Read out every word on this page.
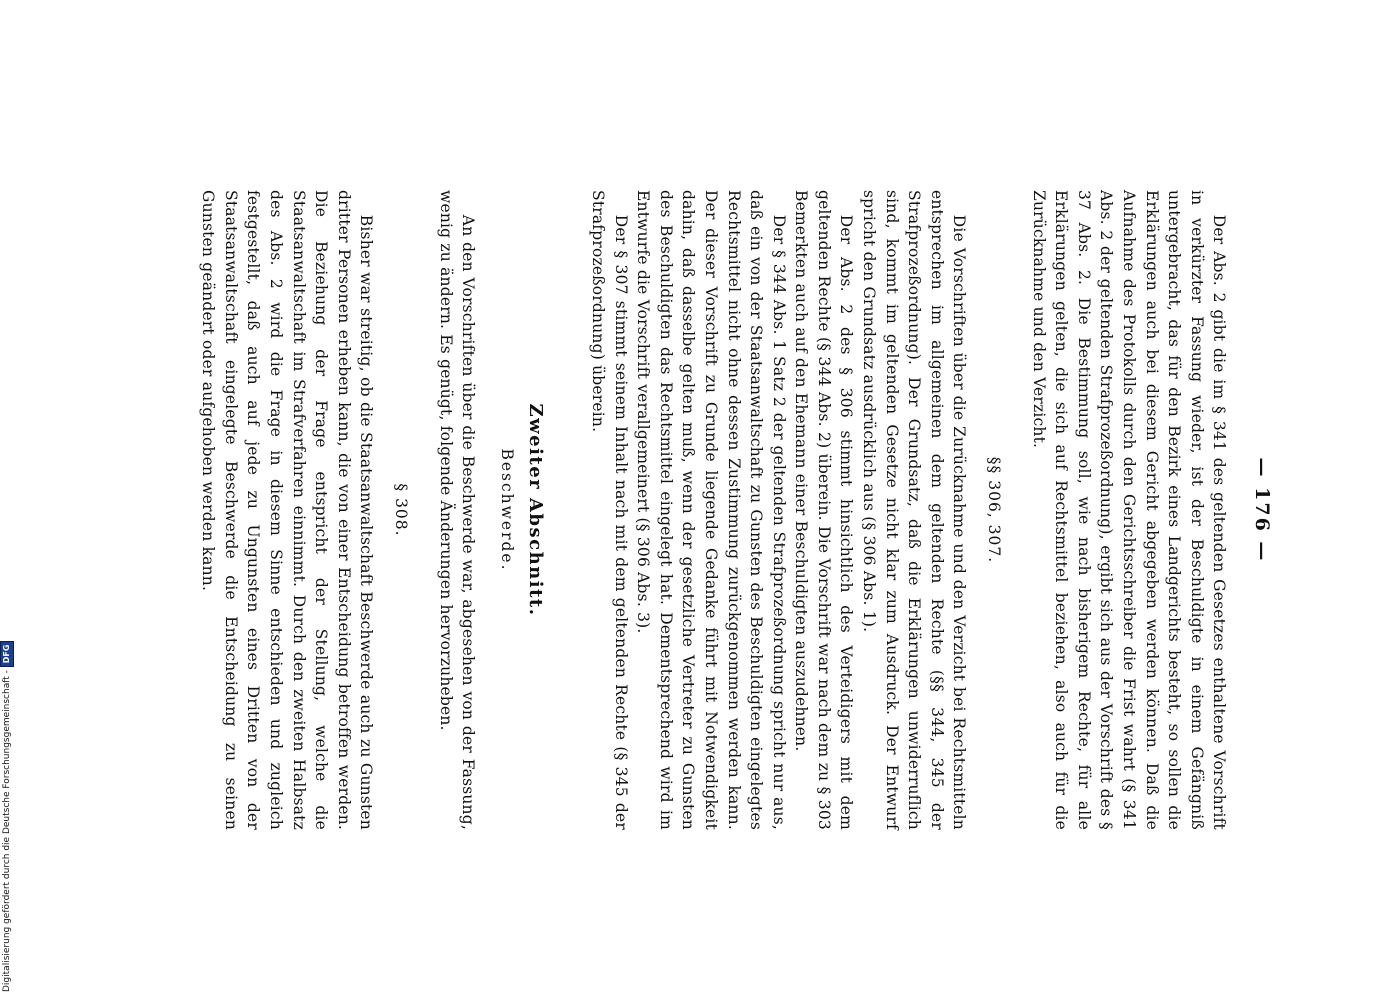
— 176 —

Der Abs. 2 gibt die im § 341 des geltenden Gesetzes enthaltene Vorschrift in verkürzter Fassung wieder, ist der Beschuldigte in einem Gefängniß untergebracht, das für den Bezirk eines Landgerichts besteht, so sollen die Erklärungen auch bei diesem Gericht abgegeben werden können. Daß die Aufnahme des Protokolls durch den Gerichtsschreiber die Frist wahrt (§ 341 Abs. 2 der geltenden Strafprozeßordnung), ergibt sich aus der Vorschrift des § 37 Abs. 2. Die Bestimmung soll, wie nach bisherigem Rechte, für alle Erklärungen gelten, die sich auf Rechtsmittel beziehen, also auch für die Zurücknahme und den Verzicht.

§§ 306, 307.

Die Vorschriften über die Zurücknahme und den Verzicht bei Rechtsmitteln entsprechen im allgemeinen dem geltenden Rechte (§§ 344, 345 der Strafprozeßordnung). Der Grundsatz, daß die Erklärungen unwiderruflich sind, kommt im geltenden Gesetze nicht klar zum Ausdruck. Der Entwurf spricht den Grundsatz ausdrücklich aus (§ 306 Abs. 1).

Der Abs. 2 des § 306 stimmt hinsichtlich des Verteidigers mit dem geltenden Rechte (§ 344 Abs. 2) überein. Die Vorschrift war nach dem zu § 303 Bemerkten auch auf den Ehemann einer Beschuldigten auszudehnen.

Der § 344 Abs. 1 Satz 2 der geltenden Strafprozeßordnung spricht nur aus, daß ein von der Staatsanwaltschaft zu Gunsten des Beschuldigten eingelegtes Rechtsmittel nicht ohne dessen Zustimmung zurückgenommen werden kann. Der dieser Vorschrift zu Grunde liegende Gedanke führt mit Notwendigkeit dahin, daß dasselbe gelten muß, wenn der gesetzliche Vertreter zu Gunsten des Beschuldigten das Rechtsmittel eingelegt hat. Dementsprechend wird im Entwurfe die Vorschrift verallgemeinert (§ 306 Abs. 3).

Der § 307 stimmt seinem Inhalt nach mit dem geltenden Rechte (§ 345 der Strafprozeßordnung) überein.

Zweiter Abschnitt.
Beschwerde.

An den Vorschriften über die Beschwerde war, abgesehen von der Fassung, wenig zu ändern. Es genügt, folgende Änderungen hervorzuheben.

§ 308.

Bisher war streitig, ob die Staatsanwaltschaft Beschwerde auch zu Gunsten dritter Personen erheben kann, die von einer Entscheidung betroffen werden. Die Beziehung der Frage entspricht der Stellung, welche die Staatsanwaltschaft im Strafverfahren einnimmt. Durch den zweiten Halbsatz des Abs. 2 wird die Frage in diesem Sinne entschieden und zugleich festgestellt, daß auch auf jede zu Ungunsten eines Dritten von der Staatsanwaltschaft eingelegte Beschwerde die Entscheidung zu seinen Gunsten geändert oder aufgehoben werden kann.

Digitalisierung gefördert durch die Deutsche Forschungsgemeinschaft - DFG
